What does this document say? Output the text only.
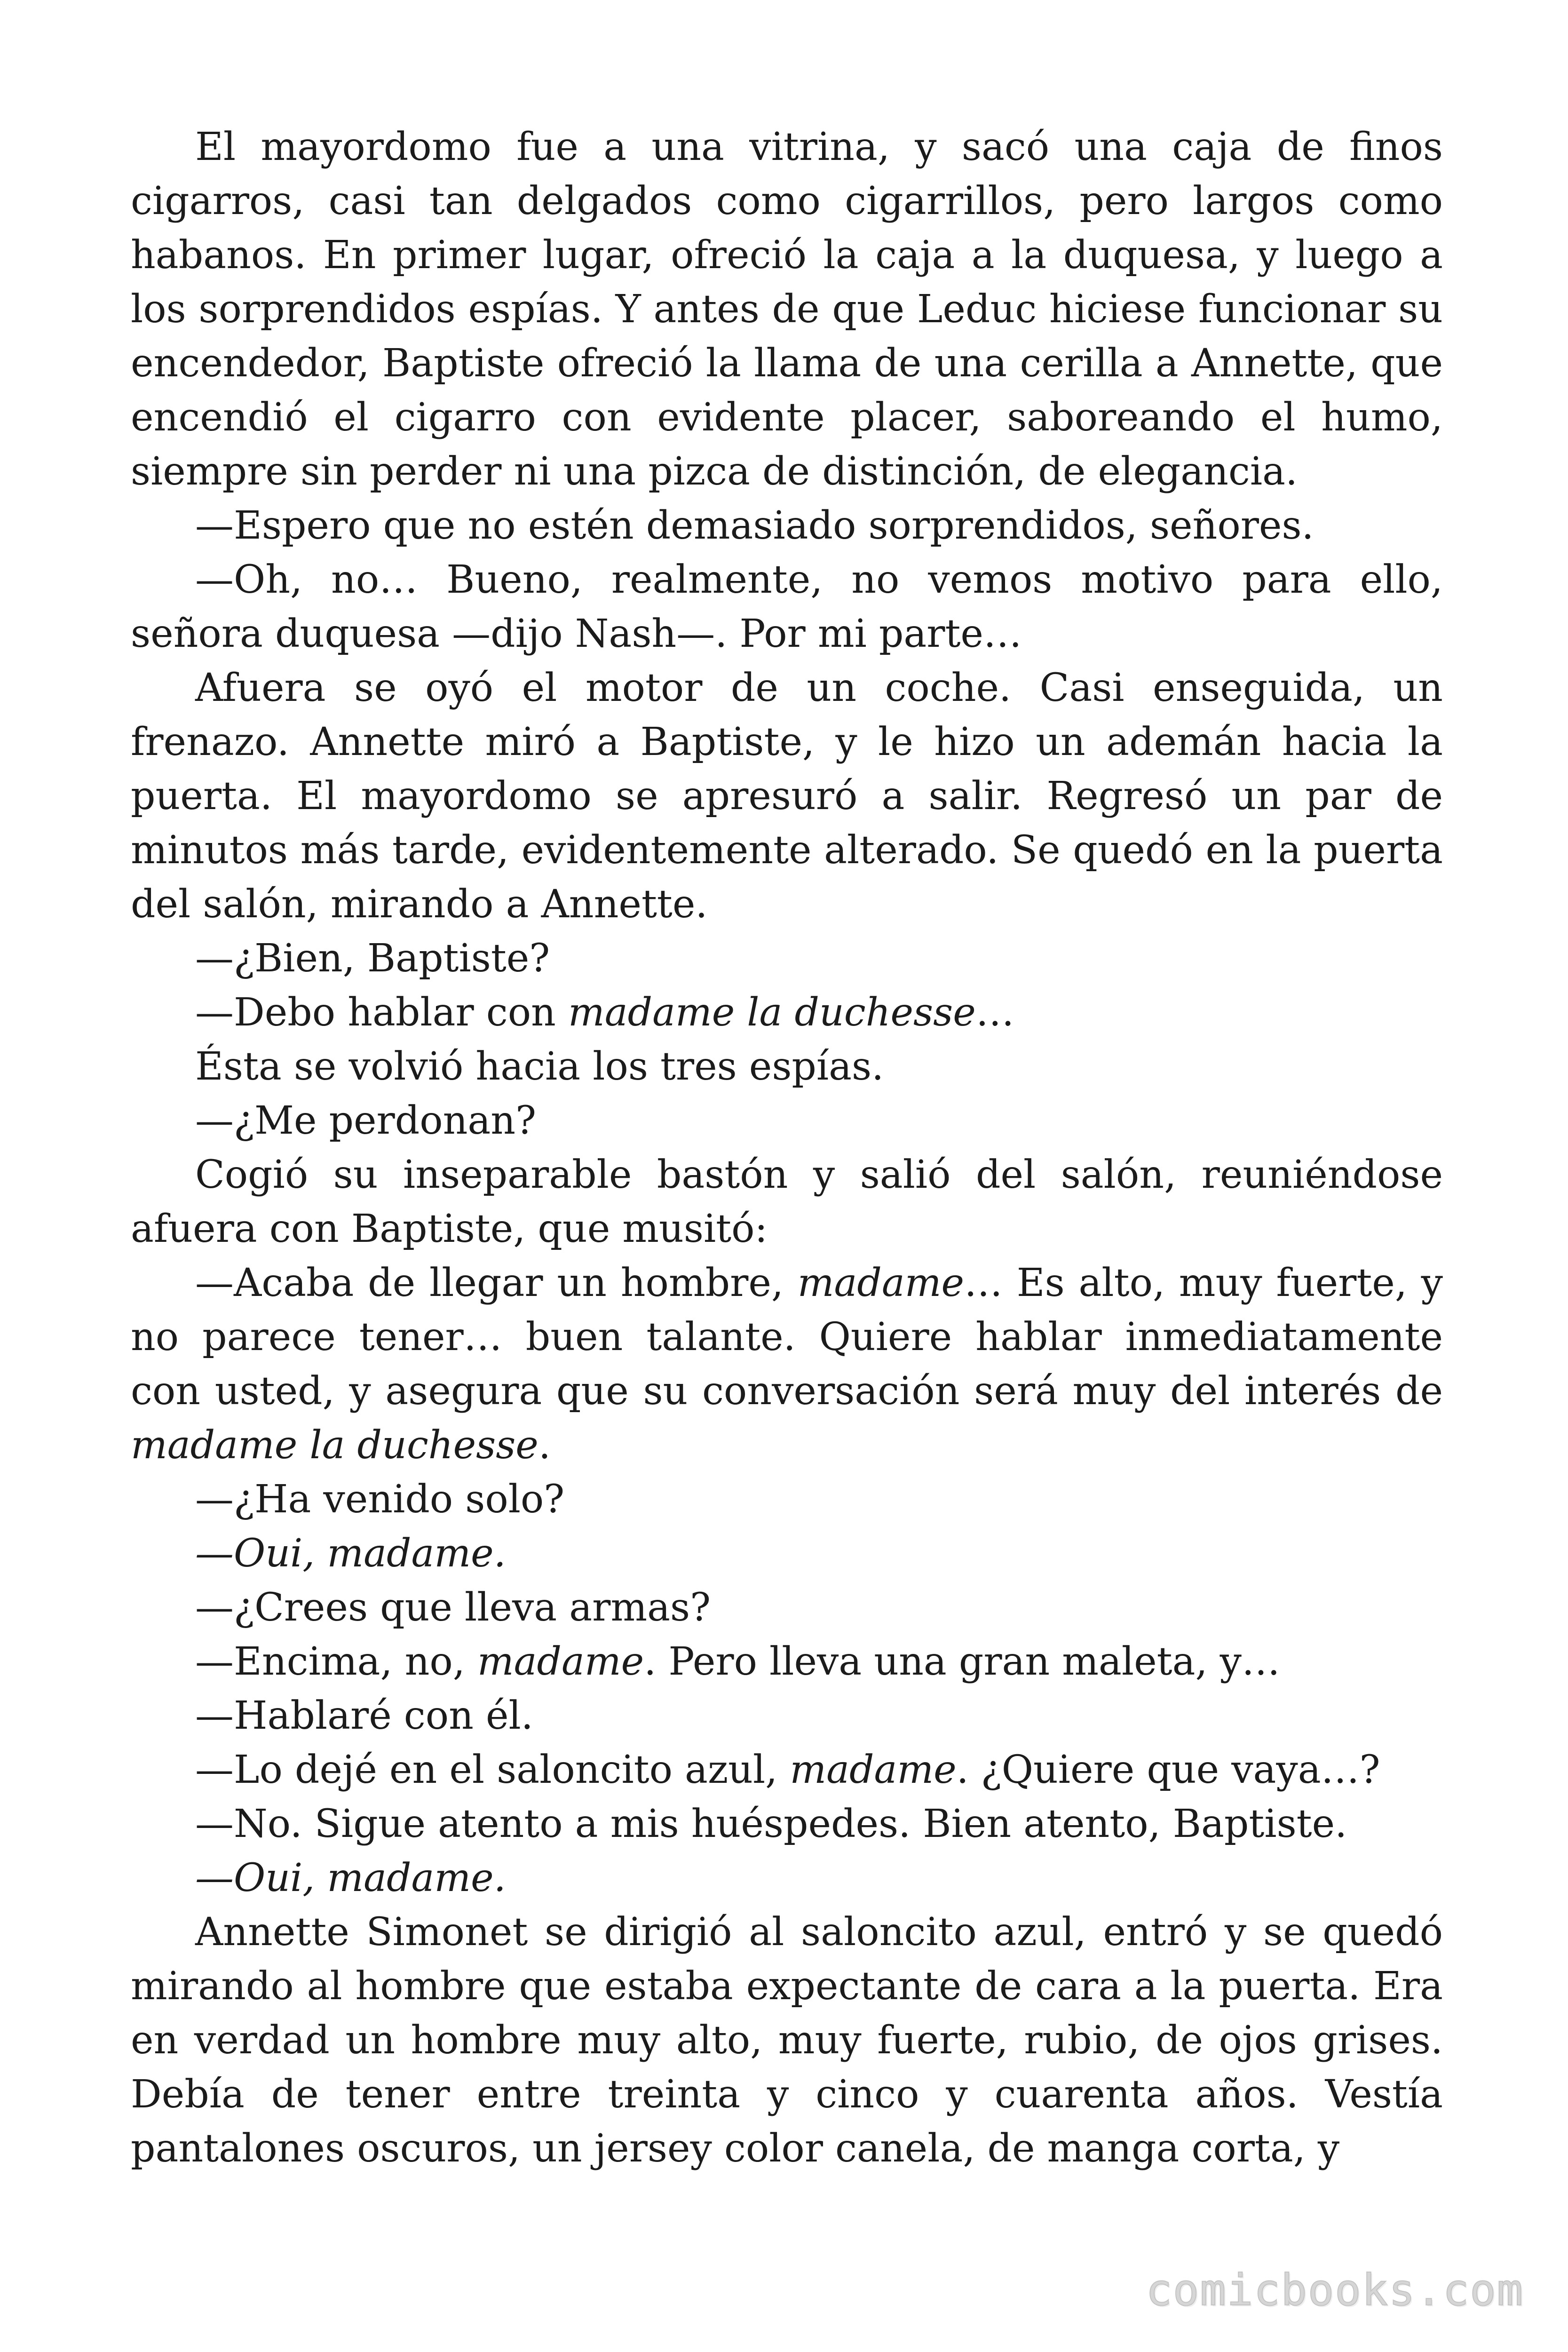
El mayordomo fue a una vitrina, y sacó una caja de finos cigarros, casi tan delgados como cigarrillos, pero largos como habanos. En primer lugar, ofreció la caja a la duquesa, y luego a los sorprendidos espías. Y antes de que Leduc hiciese funcionar su encendedor, Baptiste ofreció la llama de una cerilla a Annette, que encendió el cigarro con evidente placer, saboreando el humo, siempre sin perder ni una pizca de distinción, de elegancia.

—Espero que no estén demasiado sorprendidos, señores.

—Oh, no… Bueno, realmente, no vemos motivo para ello, señora duquesa —dijo Nash—. Por mi parte…

Afuera se oyó el motor de un coche. Casi enseguida, un frenazo. Annette miró a Baptiste, y le hizo un ademán hacia la puerta. El mayordomo se apresuró a salir. Regresó un par de minutos más tarde, evidentemente alterado. Se quedó en la puerta del salón, mirando a Annette.

—¿Bien, Baptiste?

—Debo hablar con madame la duchesse…

Ésta se volvió hacia los tres espías.

—¿Me perdonan?

Cogió su inseparable bastón y salió del salón, reuniéndose afuera con Baptiste, que musitó:

—Acaba de llegar un hombre, madame… Es alto, muy fuerte, y no parece tener… buen talante. Quiere hablar inmediatamente con usted, y asegura que su conversación será muy del interés de madame la duchesse.

—¿Ha venido solo?

—Oui, madame.

—¿Crees que lleva armas?

—Encima, no, madame. Pero lleva una gran maleta, y…

—Hablaré con él.

—Lo dejé en el saloncito azul, madame. ¿Quiere que vaya…?

—No. Sigue atento a mis huéspedes. Bien atento, Baptiste.

—Oui, madame.

Annette Simonet se dirigió al saloncito azul, entró y se quedó mirando al hombre que estaba expectante de cara a la puerta. Era en verdad un hombre muy alto, muy fuerte, rubio, de ojos grises. Debía de tener entre treinta y cinco y cuarenta años. Vestía pantalones oscuros, un jersey color canela, de manga corta, y

comicbooks.com
